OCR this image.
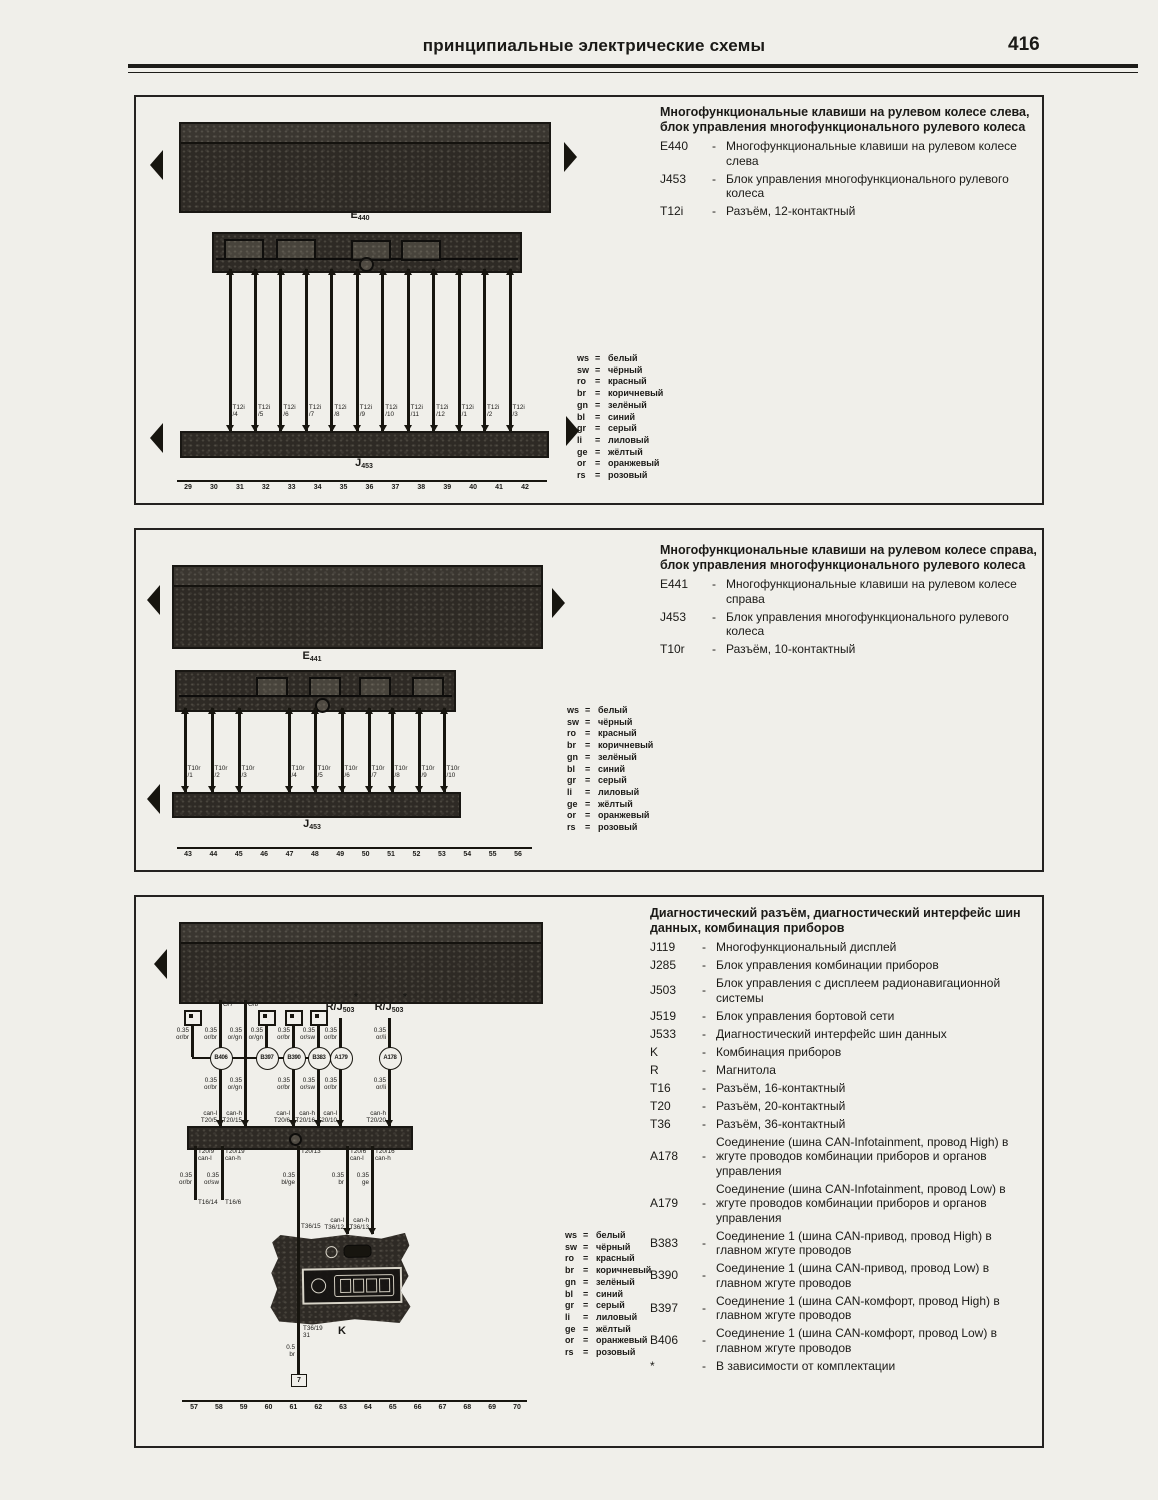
принципиальные электрические схемы	416
$E_{440}$
T12i
/4
T12i
/5
T12i
/6
T12i
/7
T12i
/8
T12i
/9
T12i
/10
T12i
/11
T12i
/12
T12i
/1
T12i
/2
T12i
/3
$J_{453}$
29	30	31	32	33	34	35	36	37	38	39	40	41	42
Многофункциональные клавиши на рулевом колесе слева,
блок управления многофункционального рулевого колеса
E440	- Многофункциональные клавиши на рулевом колесе слева
J453	- Блок управления многофункционального рулевого колеса
T12i	- Разъём, 12-контактный
ws = белый
sw = чёрный
ro	= красный
br	= коричневый
gn = зелёный
bl	= синий
gr	= серый
li	= лиловый
ge = жёлтый
or	= оранжевый
rs	= розовый
$E_{441}$
T10r
/1
T10r
/2
T10r
/3
T10r
/4
T10r
/5
T10r
/6
T10r
/7
T10r
/8
T10r
/9
T10r
/10
$J_{453}$
43	44	45	46	47	48	49	50	51	52	53	54	55	56
Многофункциональные клавиши на рулевом колесе справа,
блок управления многофункционального рулевого колеса
E441	- Многофункциональные клавиши на рулевом колесе справа
J453	- Блок управления многофункционального рулевого колеса
T10r	- Разъём, 10-контактный
ws = белый
sw = чёрный
ro	= красный
br	= коричневый
gn = зелёный
bl	= синий
gr	= серый
li	= лиловый
ge = жёлтый
or	= оранжевый
rs	= розовый
0.35
or/br
G/7
0.35
or/br
B406
0.35
or/br
can-l
T20/5
G/8
0.35
or/gn
0.35
or/gn
can-h
T20/15
0.35
or/gn
B397
0.35
or/br
B390
0.35
or/br
can-l
T20/6
0.35
or/sw
B383
0.35
or/sw
can-h
T20/16
$R/J_{503}$
*
0.35
or/br
A179
0.35
or/br
can-l
T20/10
$R/J_{503}$
*
0.35
or/li
A178
0.35
or/li
can-h
T20/20
T20/9
can-l
0.35
or/br
T16/14
T20/19
can-h
0.35
or/sw
T16/6
T20/13
0.35
bl/ge
T36/15
T20/6
can-l
0.35
br
can-l
T36/12
T20/16
can-h
0.35
ge
can-h
T36/13
K
T36/19
31
0.5
br
7
57	58	59	60	61	62	63	64	65	66	67	68	69	70
Диагностический разъём, диагностический интерфейс шин
данных, комбинация приборов
J119	- Многофункциональный дисплей
J285	- Блок управления комбинации приборов
J503	-
Блок управления с дисплеем радионавигационной системы
J519	- Блок управления бортовой сети
J533	- Диагностический интерфейс шин данных
K	- Комбинация приборов
R	- Магнитола
T16	- Разъём, 16-контактный
T20	- Разъём, 20-контактный
T36	- Разъём, 36-контактный
A178	-
Соединение (шина CAN-Infotainment, провод High) в жгуте проводов комбинации приборов и органов управления
A179	-
Соединение (шина CAN-Infotainment, провод Low) в жгуте проводов комбинации приборов и органов управления
B383	-
Соединение 1 (шина CAN-привод, провод High) в главном жгуте проводов
B390	-
Соединение 1 (шина CAN-привод, провод Low) в главном жгуте проводов
B397	-
Соединение 1 (шина CAN-комфорт, провод High) в главном жгуте проводов
B406	-
Соединение 1 (шина CAN-комфорт, провод Low) в главном жгуте проводов
*	- В зависимости от комплектации
ws = белый
sw = чёрный
ro	= красный
br	= коричневый
gn = зелёный
bl	= синий
gr	= серый
li	= лиловый
ge = жёлтый
or	= оранжевый
rs	= розовый
